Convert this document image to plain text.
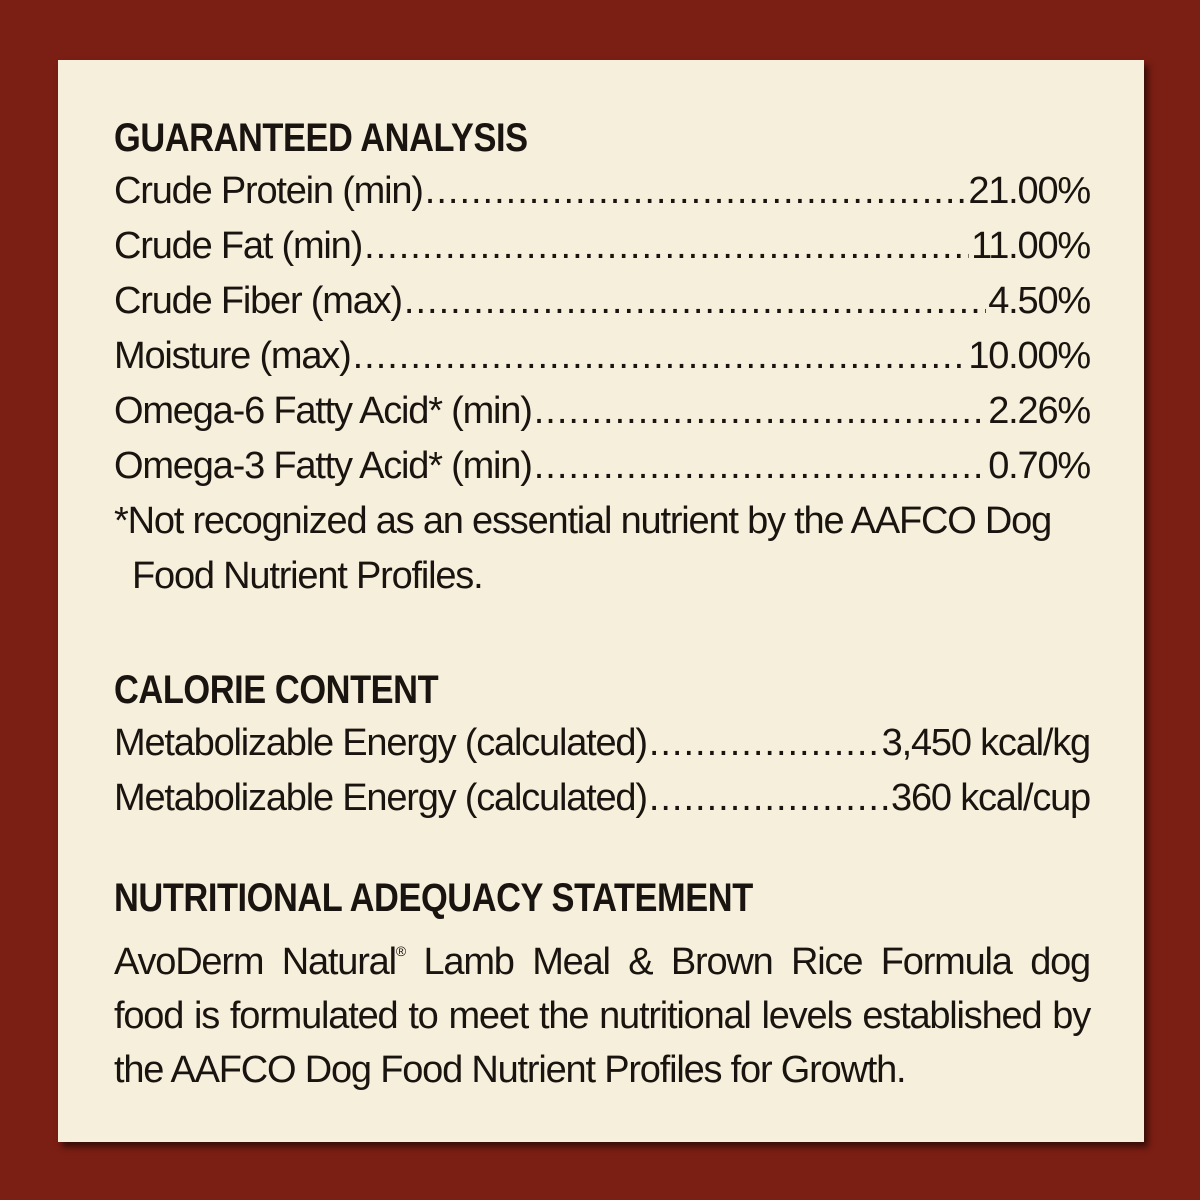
GUARANTEED ANALYSIS
Crude Protein (min) .....	21.00%
Crude Fat (min) .....	11.00%
Crude Fiber (max) .....	4.50%
Moisture (max) .....	10.00%
Omega-6 Fatty Acid* (min) .....	2.26%
Omega-3 Fatty Acid* (min) .....	0.70%
*Not recognized as an essential nutrient by the AAFCO Dog
Food Nutrient Profiles.
CALORIE CONTENT
Metabolizable Energy (calculated) .....	3,450 kcal/kg
Metabolizable Energy (calculated) .....	360 kcal/cup
NUTRITIONAL ADEQUACY STATEMENT
AvoDerm Natural® Lamb Meal & Brown Rice Formula dog food is formulated to meet the nutritional levels established by the AAFCO Dog Food Nutrient Profiles for Growth.
